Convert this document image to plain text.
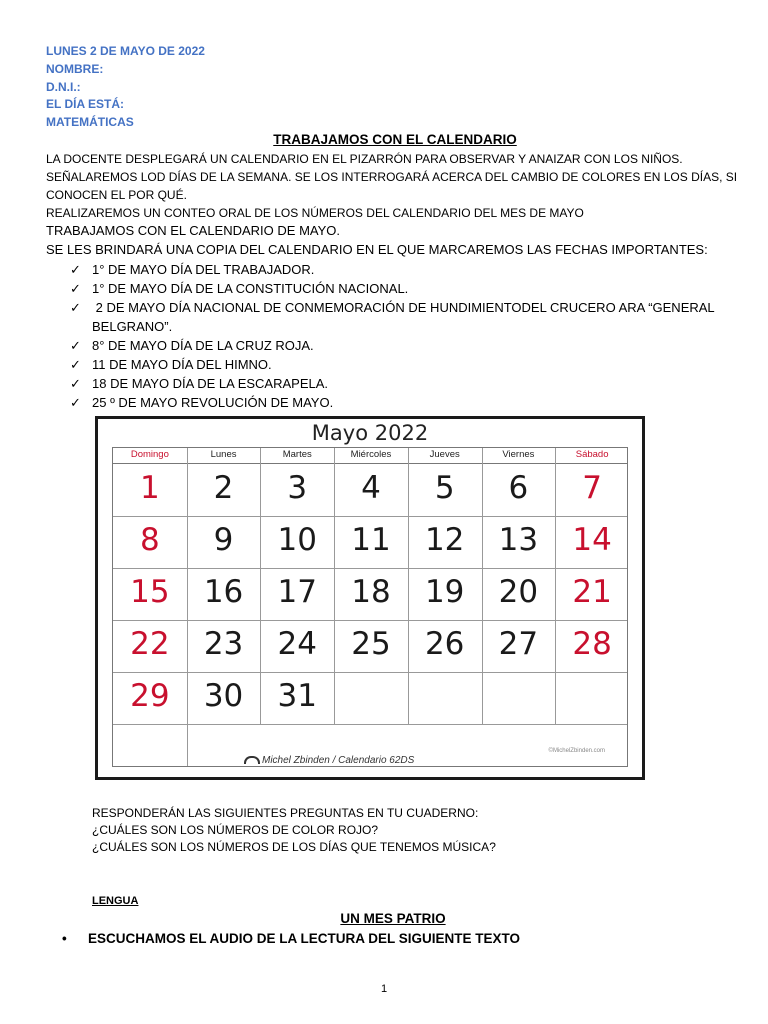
LUNES 2 DE MAYO DE 2022
NOMBRE:
D.N.I.:
EL DÍA ESTÁ:
MATEMÁTICAS
TRABAJAMOS CON EL CALENDARIO
LA DOCENTE DESPLEGARÁ UN CALENDARIO EN EL PIZARRÓN PARA OBSERVAR Y ANAIZAR CON LOS NIÑOS.
SEÑALAREMOS LOD DÍAS DE LA SEMANA. SE LOS INTERROGARÁ ACERCA DEL CAMBIO DE COLORES EN LOS DÍAS, SI
CONOCEN EL POR QUÉ.
REALIZAREMOS UN CONTEO ORAL DE LOS NÚMEROS DEL CALENDARIO DEL MES DE MAYO
TRABAJAMOS CON EL CALENDARIO DE MAYO.
SE LES BRINDARÁ UNA COPIA DEL CALENDARIO EN EL QUE MARCAREMOS LAS FECHAS IMPORTANTES:
✓ 1° DE MAYO DÍA DEL TRABAJADOR.
✓ 1° DE MAYO DÍA DE LA CONSTITUCIÓN NACIONAL.
✓ 2 DE MAYO DÍA NACIONAL DE CONMEMORACIÓN DE HUNDIMIENTODEL CRUCERO ARA “GENERAL
BELGRANO”.
✓ 8° DE MAYO DÍA DE LA CRUZ ROJA.
✓ 11 DE MAYO DÍA DEL HIMNO.
✓ 18 DE MAYO DÍA DE LA ESCARAPELA.
✓ 25 º DE MAYO REVOLUCIÓN DE MAYO.
Mayo 2022
Domingo	Lunes	Martes	Miércoles	Jueves	Viernes	Sábado
©MichelZbinden.com
1	2	3	4	5	6	7
8	9	10	11	12	13	14
15	16	17	18	19	20	21
22	23	24	25	26	27	28
29	30	31
Michel Zbinden / Calendario 62DS
RESPONDERÁN LAS SIGUIENTES PREGUNTAS EN TU CUADERNO:
¿CUÁLES SON LOS NÚMEROS DE COLOR ROJO?
¿CUÁLES SON LOS NÚMEROS DE LOS DÍAS QUE TENEMOS MÚSICA?
LENGUA
UN MES PATRIO
• ESCUCHAMOS EL AUDIO DE LA LECTURA DEL SIGUIENTE TEXTO
1
